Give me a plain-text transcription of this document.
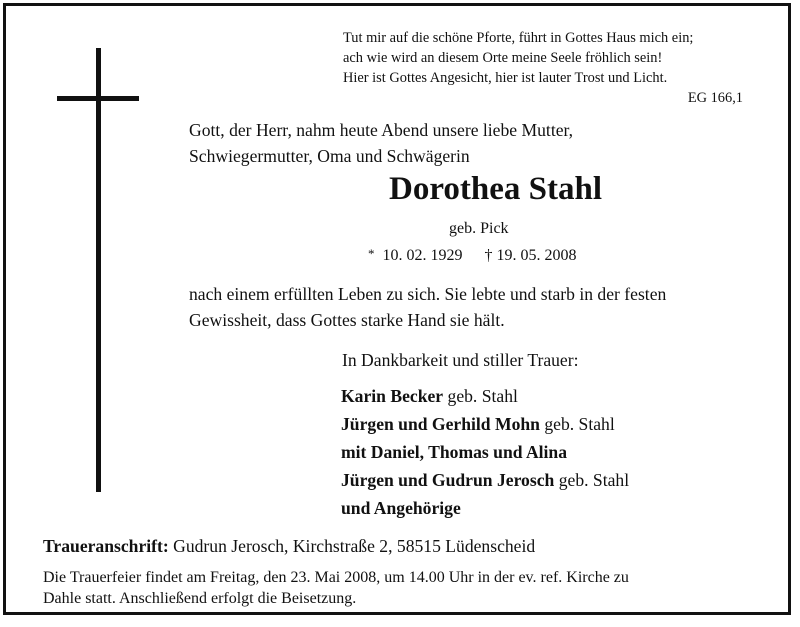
Tut mir auf die schöne Pforte, führt in Gottes Haus mich ein;
ach wie wird an diesem Orte meine Seele fröhlich sein!
Hier ist Gottes Angesicht, hier ist lauter Trost und Licht.
EG 166,1
Gott, der Herr, nahm heute Abend unsere liebe Mutter,
Schwiegermutter, Oma und Schwägerin
Dorothea Stahl
geb. Pick
* 10. 02. 1929 † 19. 05. 2008
nach einem erfüllten Leben zu sich. Sie lebte und starb in der festen
Gewissheit, dass Gottes starke Hand sie hält.
In Dankbarkeit und stiller Trauer:
Karin Becker geb. Stahl
Jürgen und Gerhild Mohn geb. Stahl
mit Daniel, Thomas und Alina
Jürgen und Gudrun Jerosch geb. Stahl
und Angehörige
Traueranschrift: Gudrun Jerosch, Kirchstraße 2, 58515 Lüdenscheid
Die Trauerfeier findet am Freitag, den 23. Mai 2008, um 14.00 Uhr in der ev. ref. Kirche zu
Dahle statt. Anschließend erfolgt die Beisetzung.
